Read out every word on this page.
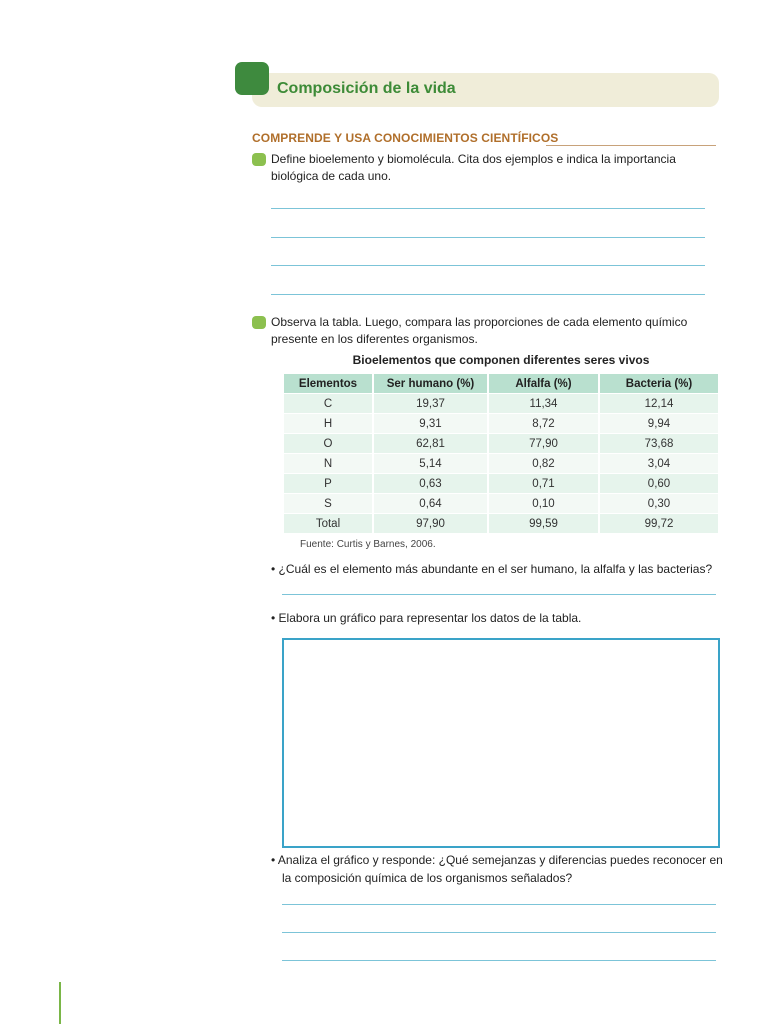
Composición de la vida
COMPRENDE Y USA CONOCIMIENTOS CIENTÍFICOS
Define bioelemento y biomolécula. Cita dos ejemplos e indica la importancia
biológica de cada uno.
Observa la tabla. Luego, compara las proporciones de cada elemento químico
presente en los diferentes organismos.
Bioelementos que componen diferentes seres vivos
Elementos	Ser humano (%)	Alfalfa (%)	Bacteria (%)
C	19,37	11,34	12,14
H	9,31	8,72	9,94
O	62,81	77,90	73,68
N	5,14	0,82	3,04
P	0,63	0,71	0,60
S	0,64	0,10	0,30
Total	97,90	99,59	99,72
Fuente: Curtis y Barnes, 2006.
• ¿Cuál es el elemento más abundante en el ser humano, la alfalfa y las bacterias?
• Elabora un gráfico para representar los datos de la tabla.
• Analiza el gráfico y responde: ¿Qué semejanzas y diferencias puedes reconocer en
la composición química de los organismos señalados?
